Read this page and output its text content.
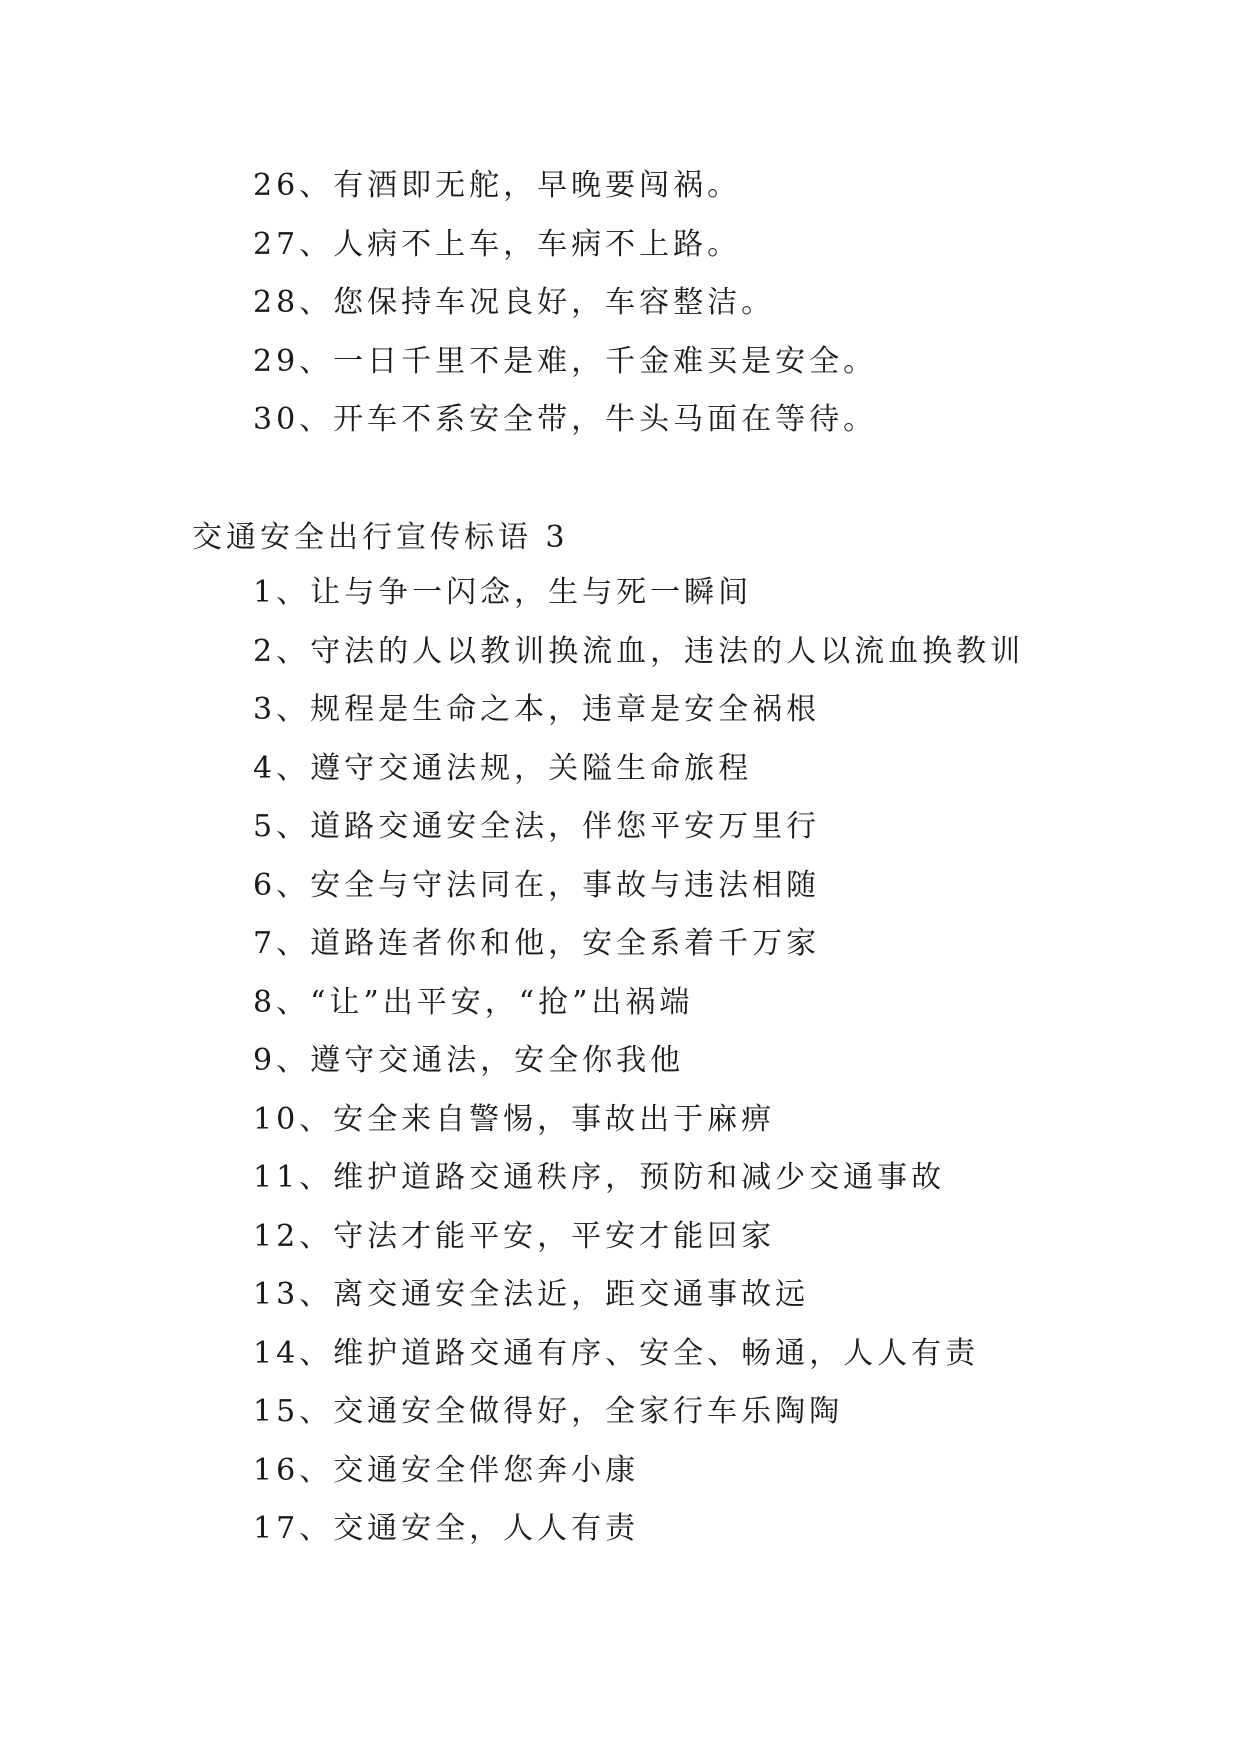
26、有酒即无舵，早晚要闯祸。
27、人病不上车，车病不上路。
28、您保持车况良好，车容整洁。
29、一日千里不是难，千金难买是安全。
30、开车不系安全带，牛头马面在等待。
交通安全出行宣传标语 3
1、让与争一闪念，生与死一瞬间
2、守法的人以教训换流血，违法的人以流血换教训
3、规程是生命之本，违章是安全祸根
4、遵守交通法规，关隘生命旅程
5、道路交通安全法，伴您平安万里行
6、安全与守法同在，事故与违法相随
7、道路连者你和他，安全系着千万家
8、“让”出平安，“抢”出祸端
9、遵守交通法，安全你我他
10、安全来自警惕，事故出于麻痹
11、维护道路交通秩序，预防和减少交通事故
12、守法才能平安，平安才能回家
13、离交通安全法近，距交通事故远
14、维护道路交通有序、安全、畅通，人人有责
15、交通安全做得好，全家行车乐陶陶
16、交通安全伴您奔小康
17、交通安全，人人有责
